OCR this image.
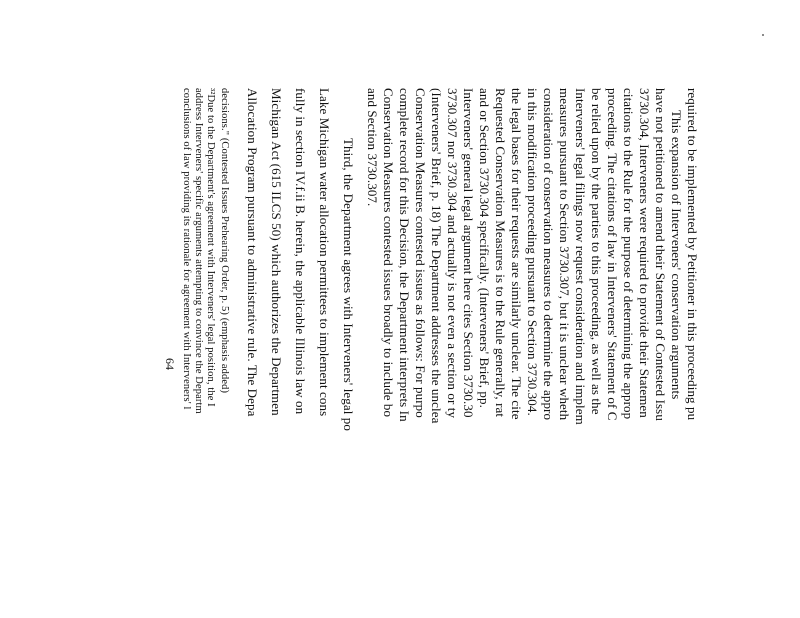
required to be implemented by Petitioner in this proceeding pu
This expansion of Interveners' conservation arguments
have not petitioned to amend their Statement of Contested Issu
3730.304, Interveners were required to provide their Statemen
citations to the Rule for the purpose of determining the approp
proceeding. The citations of law in Interveners' Statement of C
be relied upon by the parties to this proceeding, as well as the
Interveners' legal filings now request consideration and implem
measures pursuant to Section 3730.307, but it is unclear wheth
consideration of conservation measures to determine the appro
in this modification proceeding pursuant to Section 3730.304.
the legal bases for their requests are similarly unclear. The cite
Requested Conservation Measures is to the Rule generally, rat
and or Section 3730.304 specifically. (Interveners' Brief, pp.
Interveners' general legal argument here cites Section 3730.30
3730.307 nor 3730.304 and actually is not even a section or ty
(Interveners' Brief, p. 18) The Department addresses the unclea
Conservation Measures contested issues as follows: For purpo
complete record for this Decision, the Department interprets In
Conservation Measures contested issues broadly to include bo
and Section 3730.307.
Third, the Department agrees with Interveners' legal po
Lake Michigan water allocation permittees to implement cons
fully in section IV.f.ii B. herein, the applicable Illinois law on
Michigan Act (615 ILCS 50) which authorizes the Departmen
Allocation Program pursuant to administrative rule. The Depa
decisions." (Contested Issues Prehearing Order, p. 5) (emphasis added)
³²Due to the Department's agreement with Interveners' legal position, the I
address Interveners' specific arguments attempting to convince the Departm
conclusions of law providing its rationale for agreement with Interveners' l
64
